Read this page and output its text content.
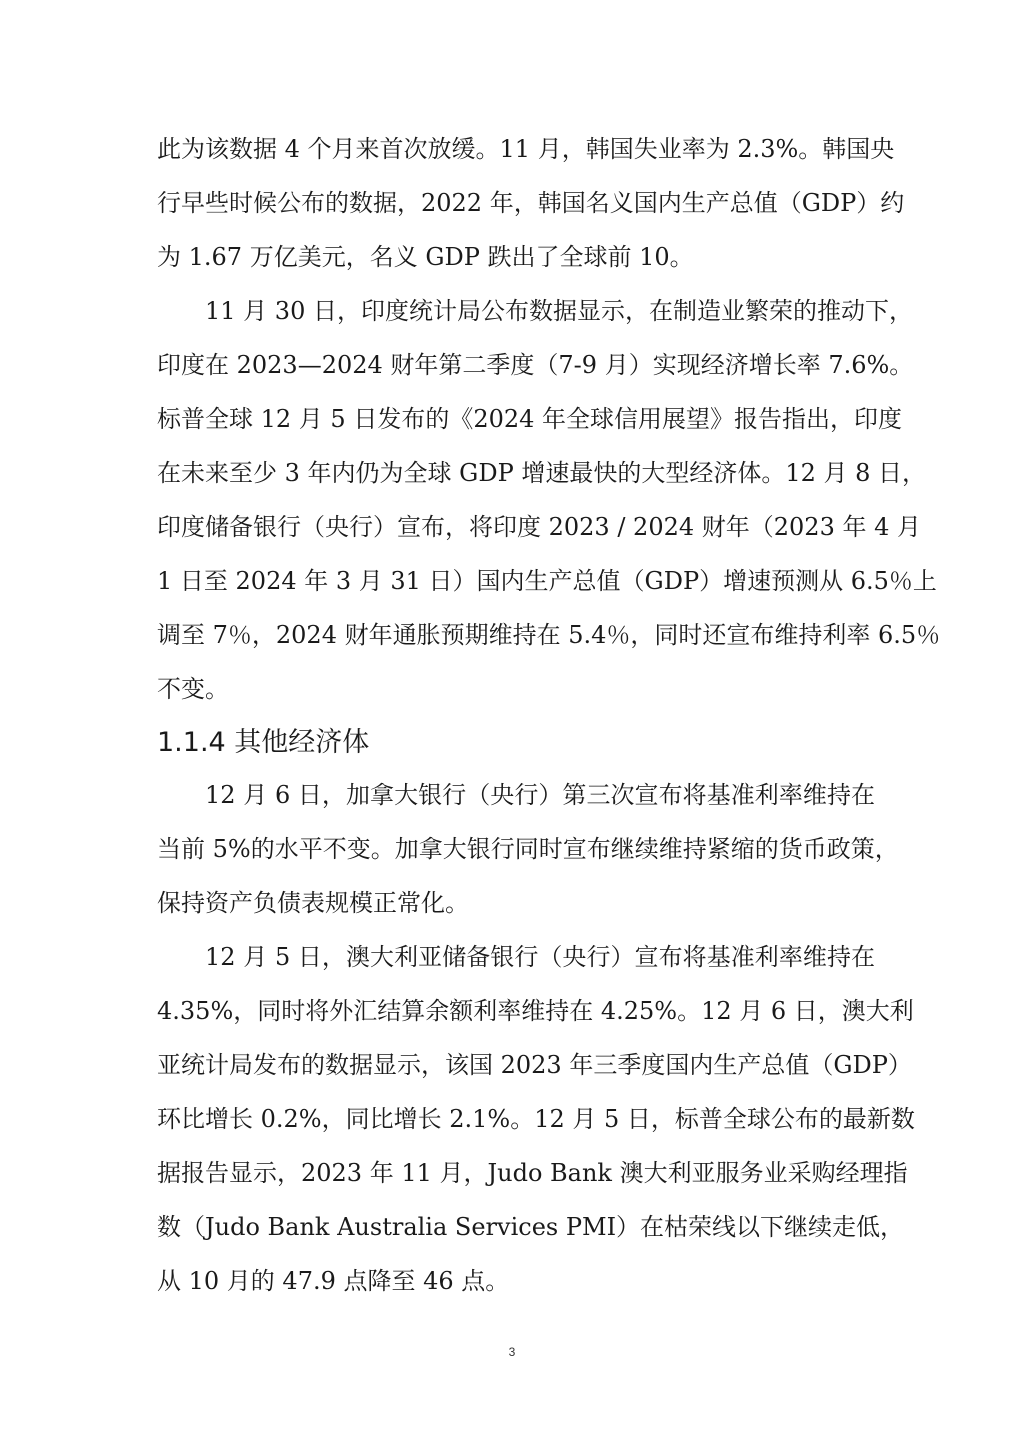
此为该数据 4 个月来首次放缓。11 月，韩国失业率为 2.3%。韩国央
行早些时候公布的数据，2022 年，韩国名义国内生产总值（GDP）约
为 1.67 万亿美元，名义 GDP 跌出了全球前 10。
11 月 30 日，印度统计局公布数据显示，在制造业繁荣的推动下，
印度在 2023—2024 财年第二季度（7-9 月）实现经济增长率 7.6%。
标普全球 12 月 5 日发布的《2024 年全球信用展望》报告指出，印度
在未来至少 3 年内仍为全球 GDP 增速最快的大型经济体。12 月 8 日，
印度储备银行（央行）宣布，将印度 2023 / 2024 财年（2023 年 4 月
1 日至 2024 年 3 月 31 日）国内生产总值（GDP）增速预测从 6.5％上
调至 7％，2024 财年通胀预期维持在 5.4％，同时还宣布维持利率 6.5％
不变。
1.1.4 其他经济体
12 月 6 日，加拿大银行（央行）第三次宣布将基准利率维持在
当前 5%的水平不变。加拿大银行同时宣布继续维持紧缩的货币政策，
保持资产负债表规模正常化。
12 月 5 日，澳大利亚储备银行（央行）宣布将基准利率维持在
4.35%，同时将外汇结算余额利率维持在 4.25%。12 月 6 日，澳大利
亚统计局发布的数据显示，该国 2023 年三季度国内生产总值（GDP）
环比增长 0.2%，同比增长 2.1%。12 月 5 日，标普全球公布的最新数
据报告显示，2023 年 11 月，Judo Bank 澳大利亚服务业采购经理指
数（Judo Bank Australia Services PMI）在枯荣线以下继续走低，
从 10 月的 47.9 点降至 46 点。
3
